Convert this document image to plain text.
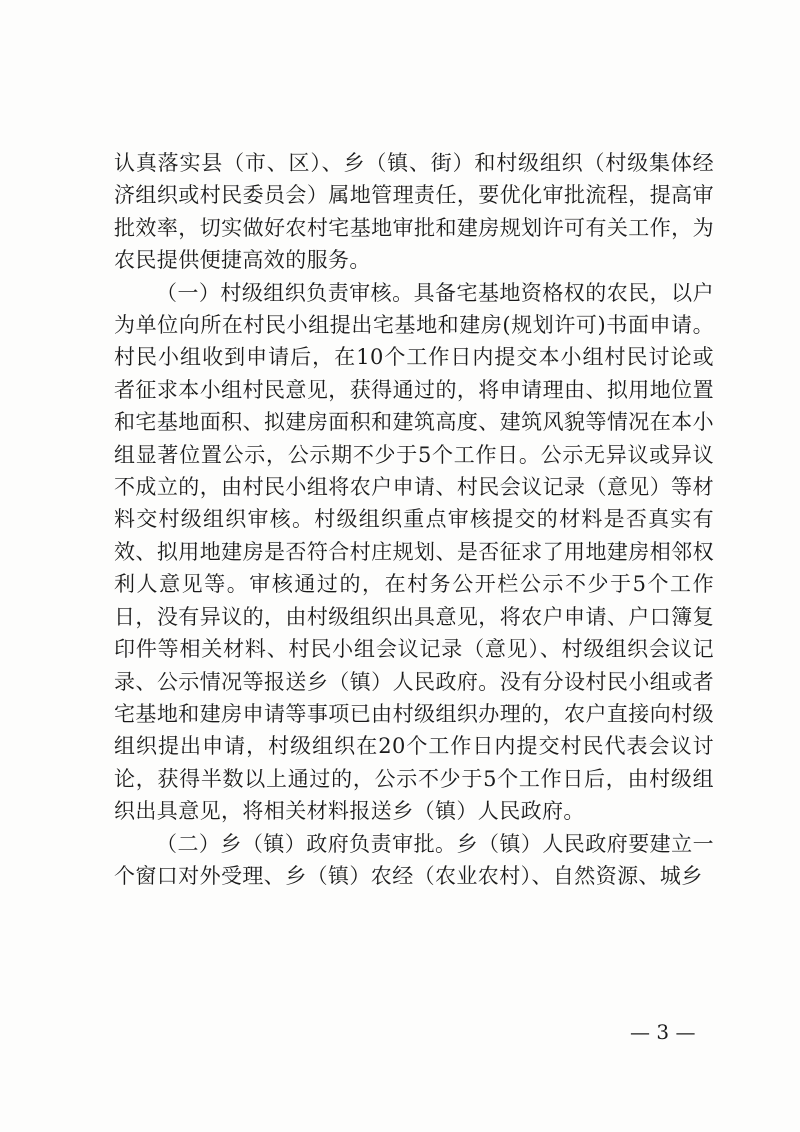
认真落实县（市、区）、乡（镇、街）和村级组织（村级集体经济组织或村民委员会）属地管理责任，要优化审批流程，提高审批效率，切实做好农村宅基地审批和建房规划许可有关工作，为农民提供便捷高效的服务。

（一）村级组织负责审核。具备宅基地资格权的农民，以户为单位向所在村民小组提出宅基地和建房(规划许可)书面申请。村民小组收到申请后，在10个工作日内提交本小组村民讨论或者征求本小组村民意见，获得通过的，将申请理由、拟用地位置和宅基地面积、拟建房面积和建筑高度、建筑风貌等情况在本小组显著位置公示，公示期不少于5个工作日。公示无异议或异议不成立的，由村民小组将农户申请、村民会议记录（意见）等材料交村级组织审核。村级组织重点审核提交的材料是否真实有效、拟用地建房是否符合村庄规划、是否征求了用地建房相邻权利人意见等。审核通过的，在村务公开栏公示不少于5个工作日，没有异议的，由村级组织出具意见，将农户申请、户口簿复印件等相关材料、村民小组会议记录（意见）、村级组织会议记录、公示情况等报送乡（镇）人民政府。没有分设村民小组或者宅基地和建房申请等事项已由村级组织办理的，农户直接向村级组织提出申请，村级组织在20个工作日内提交村民代表会议讨论，获得半数以上通过的，公示不少于5个工作日后，由村级组织出具意见，将相关材料报送乡（镇）人民政府。

（二）乡（镇）政府负责审批。乡（镇）人民政府要建立一个窗口对外受理、乡（镇）农经（农业农村）、自然资源、城乡

— 3 —
